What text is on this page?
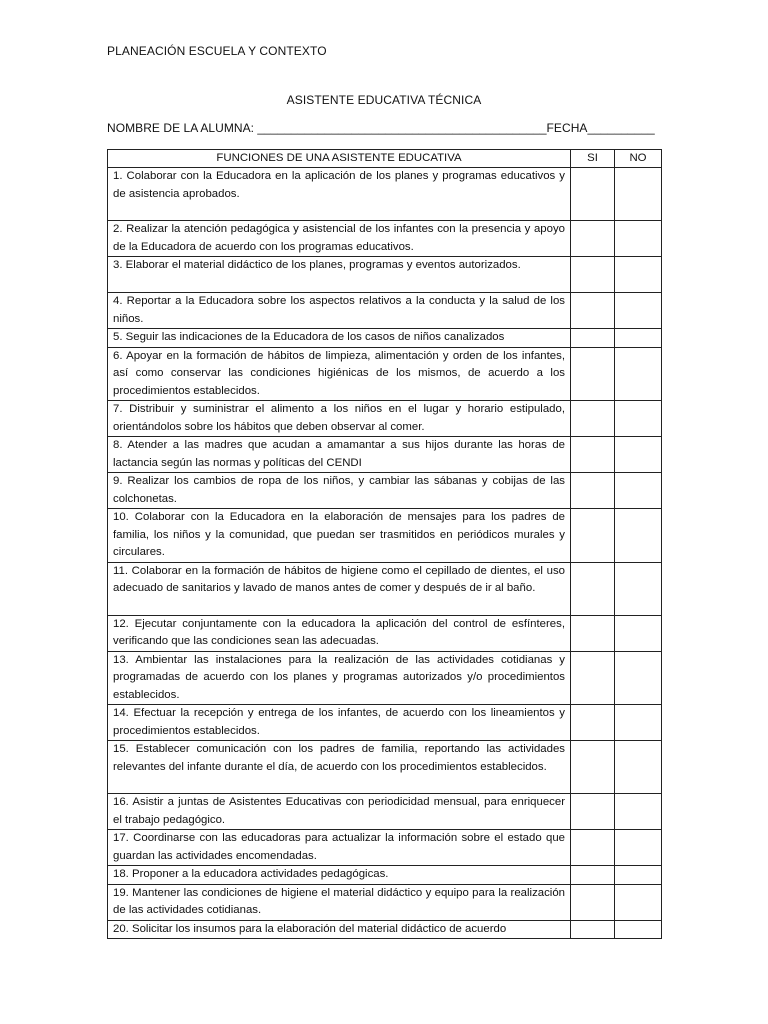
PLANEACIÓN ESCUELA Y CONTEXTO
ASISTENTE EDUCATIVA TÉCNICA
NOMBRE DE LA ALUMNA: ___________________________________________FECHA__________
FUNCIONES DE UNA ASISTENTE EDUCATIVA	SI	NO
1. Colaborar con la Educadora en la aplicación de los planes y programas educativos y de asistencia aprobados.		
2. Realizar la atención pedagógica y asistencial de los infantes con la presencia y apoyo de la Educadora de acuerdo con los programas educativos.		
3. Elaborar el material didáctico de los planes, programas y eventos autorizados.		
4. Reportar a la Educadora sobre los aspectos relativos a la conducta y la salud de los niños.		
5. Seguir las indicaciones de la Educadora de los casos de niños canalizados		
6. Apoyar en la formación de hábitos de limpieza, alimentación y orden de los infantes, así como conservar las condiciones higiénicas de los mismos, de acuerdo a los procedimientos establecidos.		
7. Distribuir y suministrar el alimento a los niños en el lugar y horario estipulado, orientándolos sobre los hábitos que deben observar al comer.		
8. Atender a las madres que acudan a amamantar a sus hijos durante las horas de lactancia según las normas y políticas del CENDI		
9. Realizar los cambios de ropa de los niños, y cambiar las sábanas y cobijas de las colchonetas.		
10. Colaborar con la Educadora en la elaboración de mensajes para los padres de familia, los niños y la comunidad, que puedan ser trasmitidos en periódicos murales y circulares.		
11. Colaborar en la formación de hábitos de higiene como el cepillado de dientes, el uso adecuado de sanitarios y lavado de manos antes de comer y después de ir al baño.		
12. Ejecutar conjuntamente con la educadora la aplicación del control de esfínteres, verificando que las condiciones sean las adecuadas.		
13. Ambientar las instalaciones para la realización de las actividades cotidianas y programadas de acuerdo con los planes y programas autorizados y/o procedimientos establecidos.		
14. Efectuar la recepción y entrega de los infantes, de acuerdo con los lineamientos y procedimientos establecidos.		
15. Establecer comunicación con los padres de familia, reportando las actividades relevantes del infante durante el día, de acuerdo con los procedimientos establecidos.		
16. Asistir a juntas de Asistentes Educativas con periodicidad mensual, para enriquecer el trabajo pedagógico.		
17. Coordinarse con las educadoras para actualizar la información sobre el estado que guardan las actividades encomendadas.		
18. Proponer a la educadora actividades pedagógicas.		
19. Mantener las condiciones de higiene el material didáctico y equipo para la realización de las actividades cotidianas.		
20. Solicitar los insumos para la elaboración del material didáctico de acuerdo		
